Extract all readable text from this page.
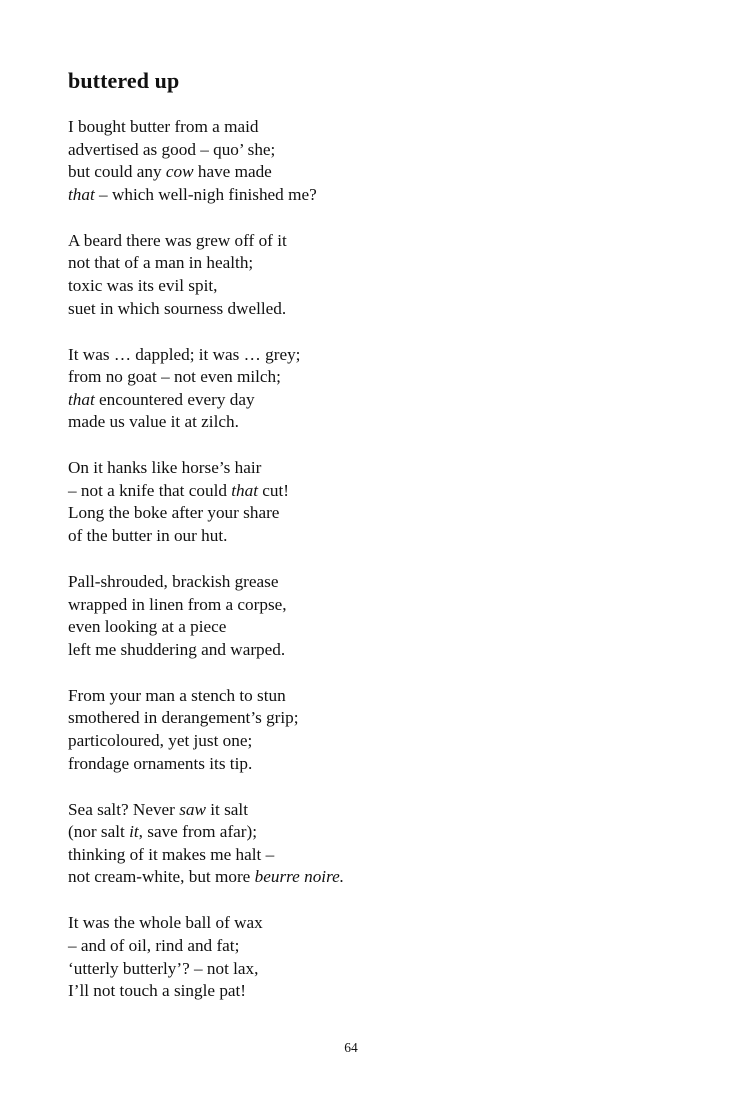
buttered up
I bought butter from a maid
advertised as good – quo’ she;
but could any cow have made
that – which well-nigh finished me?
A beard there was grew off of it
not that of a man in health;
toxic was its evil spit,
suet in which sourness dwelled.
It was … dappled; it was … grey;
from no goat – not even milch;
that encountered every day
made us value it at zilch.
On it hanks like horse’s hair
– not a knife that could that cut!
Long the boke after your share
of the butter in our hut.
Pall-shrouded, brackish grease
wrapped in linen from a corpse,
even looking at a piece
left me shuddering and warped.
From your man a stench to stun
smothered in derangement’s grip;
particoloured, yet just one;
frondage ornaments its tip.
Sea salt? Never saw it salt
(nor salt it, save from afar);
thinking of it makes me halt –
not cream-white, but more beurre noire.
It was the whole ball of wax
– and of oil, rind and fat;
‘utterly butterly’? – not lax,
I’ll not touch a single pat!
64
